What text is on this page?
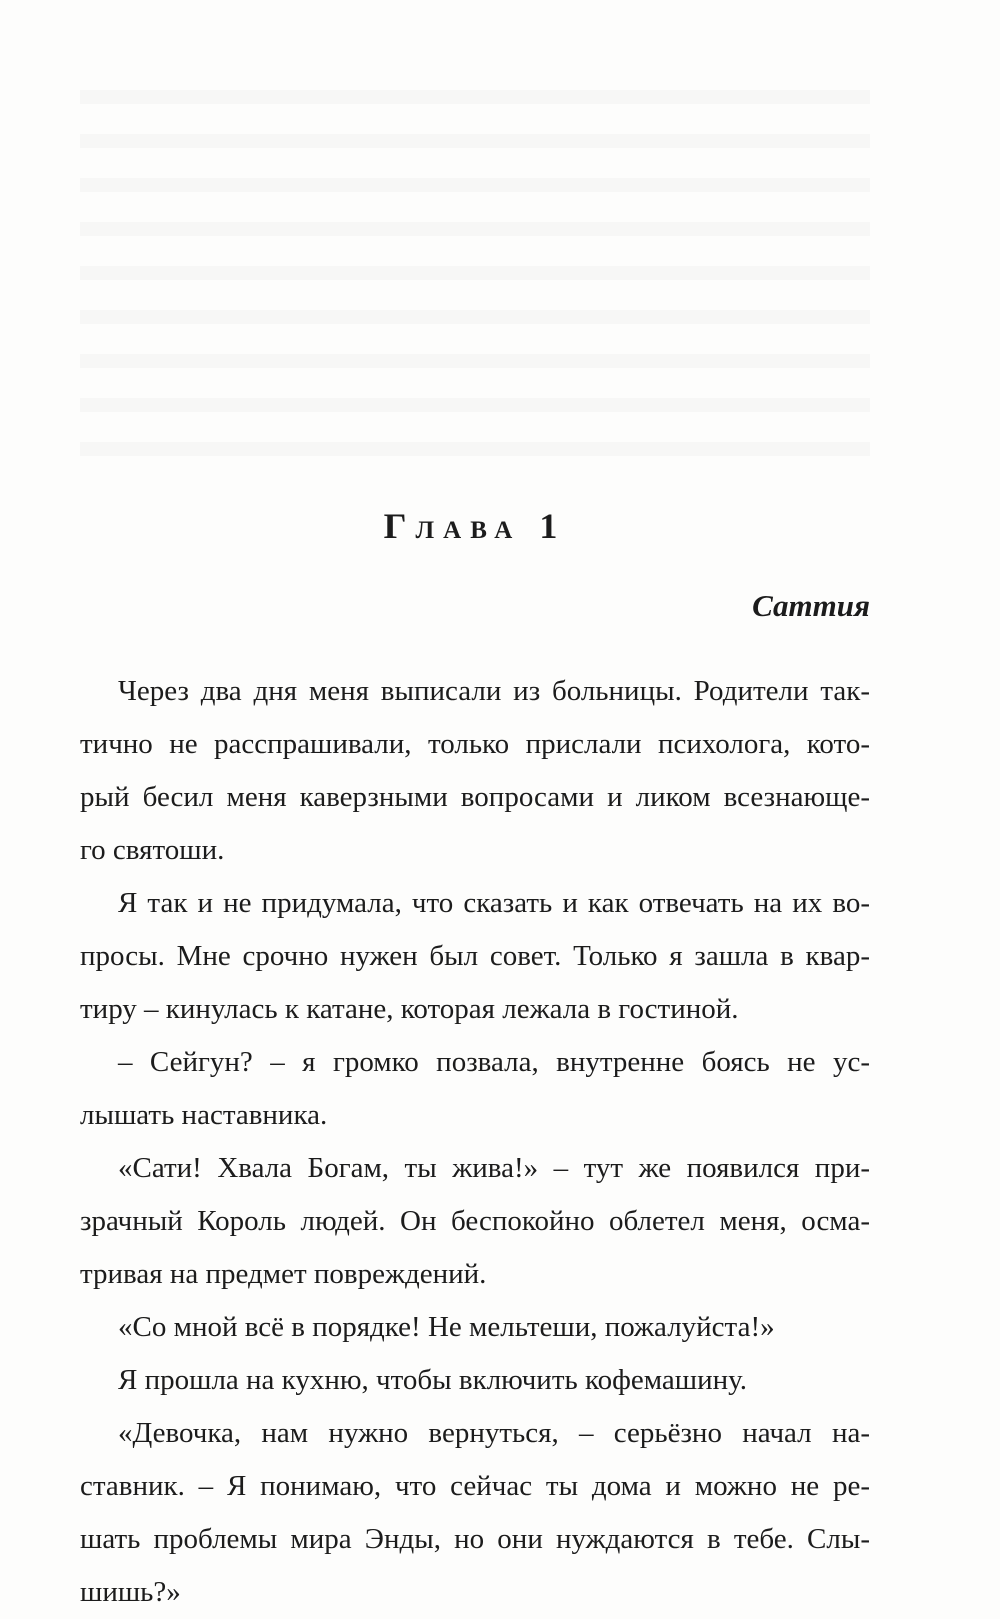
Глава 1
Саттия
Через два дня меня выписали из больницы. Родители так-
тично не расспрашивали, только прислали психолога, кото-
рый бесил меня каверзными вопросами и ликом всезнающе-
го святоши.
Я так и не придумала, что сказать и как отвечать на их во-
просы. Мне срочно нужен был совет. Только я зашла в квар-
тиру – кинулась к катане, которая лежала в гостиной.
– Сейгун? – я громко позвала, внутренне боясь не ус-
лышать наставника.
«Сати! Хвала Богам, ты жива!» – тут же появился при-
зрачный Король людей. Он беспокойно облетел меня, осма-
тривая на предмет повреждений.
«Со мной всё в порядке! Не мельтеши, пожалуйста!»
Я прошла на кухню, чтобы включить кофемашину.
«Девочка, нам нужно вернуться, – серьёзно начал на-
ставник. – Я понимаю, что сейчас ты дома и можно не ре-
шать проблемы мира Энды, но они нуждаются в тебе. Слы-
шишь?»
